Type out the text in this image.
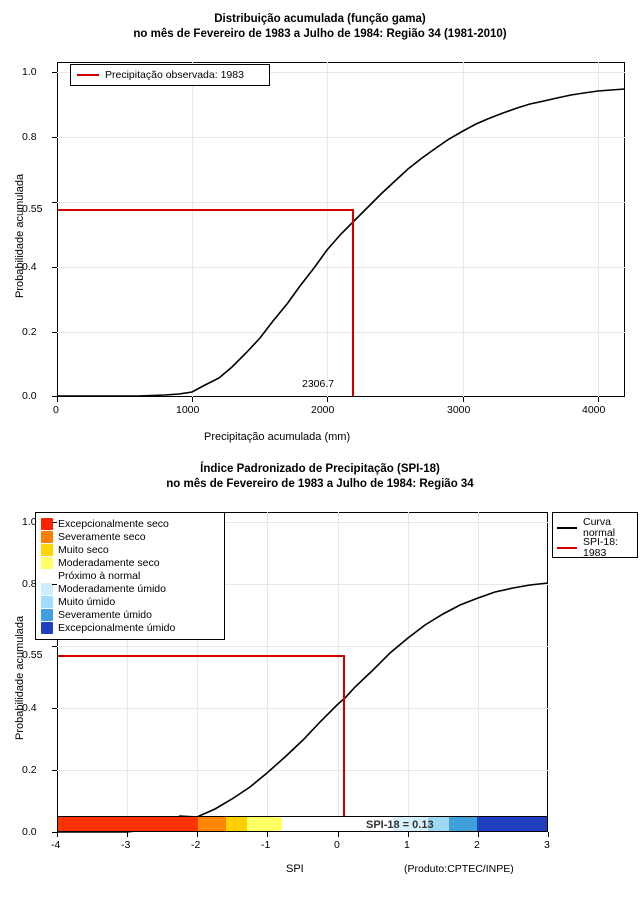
Distribuição acumulada (função gama)
no mês de Fevereiro de 1983 a Julho de 1984: Região 34 (1981-2010)
2306.7
0.55
Precipitação observada: 1983
0.0
0.2
0.4
0.8
1.0
0	1000	2000	3000	4000
Precipitação acumulada (mm)
Probabilidade acumulada
Índice Padronizado de Precipitação (SPI-18)
no mês de Fevereiro de 1983 a Julho de 1984: Região 34
0.55
Excepcionalmente seco
Severamente seco
Muito seco
Moderadamente seco
Próximo à normal
Moderadamente úmido
Muito úmido
Severamente úmido
Excepcionalmente úmido
Curva normal
SPI-18: 1983
SPI-18 = 0.13
0.0
0.2
0.4
0.8
1.0
-4	-3	-2	-1	0	1	2	3
SPI
Probabilidade acumulada
(Produto:CPTEC/INPE)
